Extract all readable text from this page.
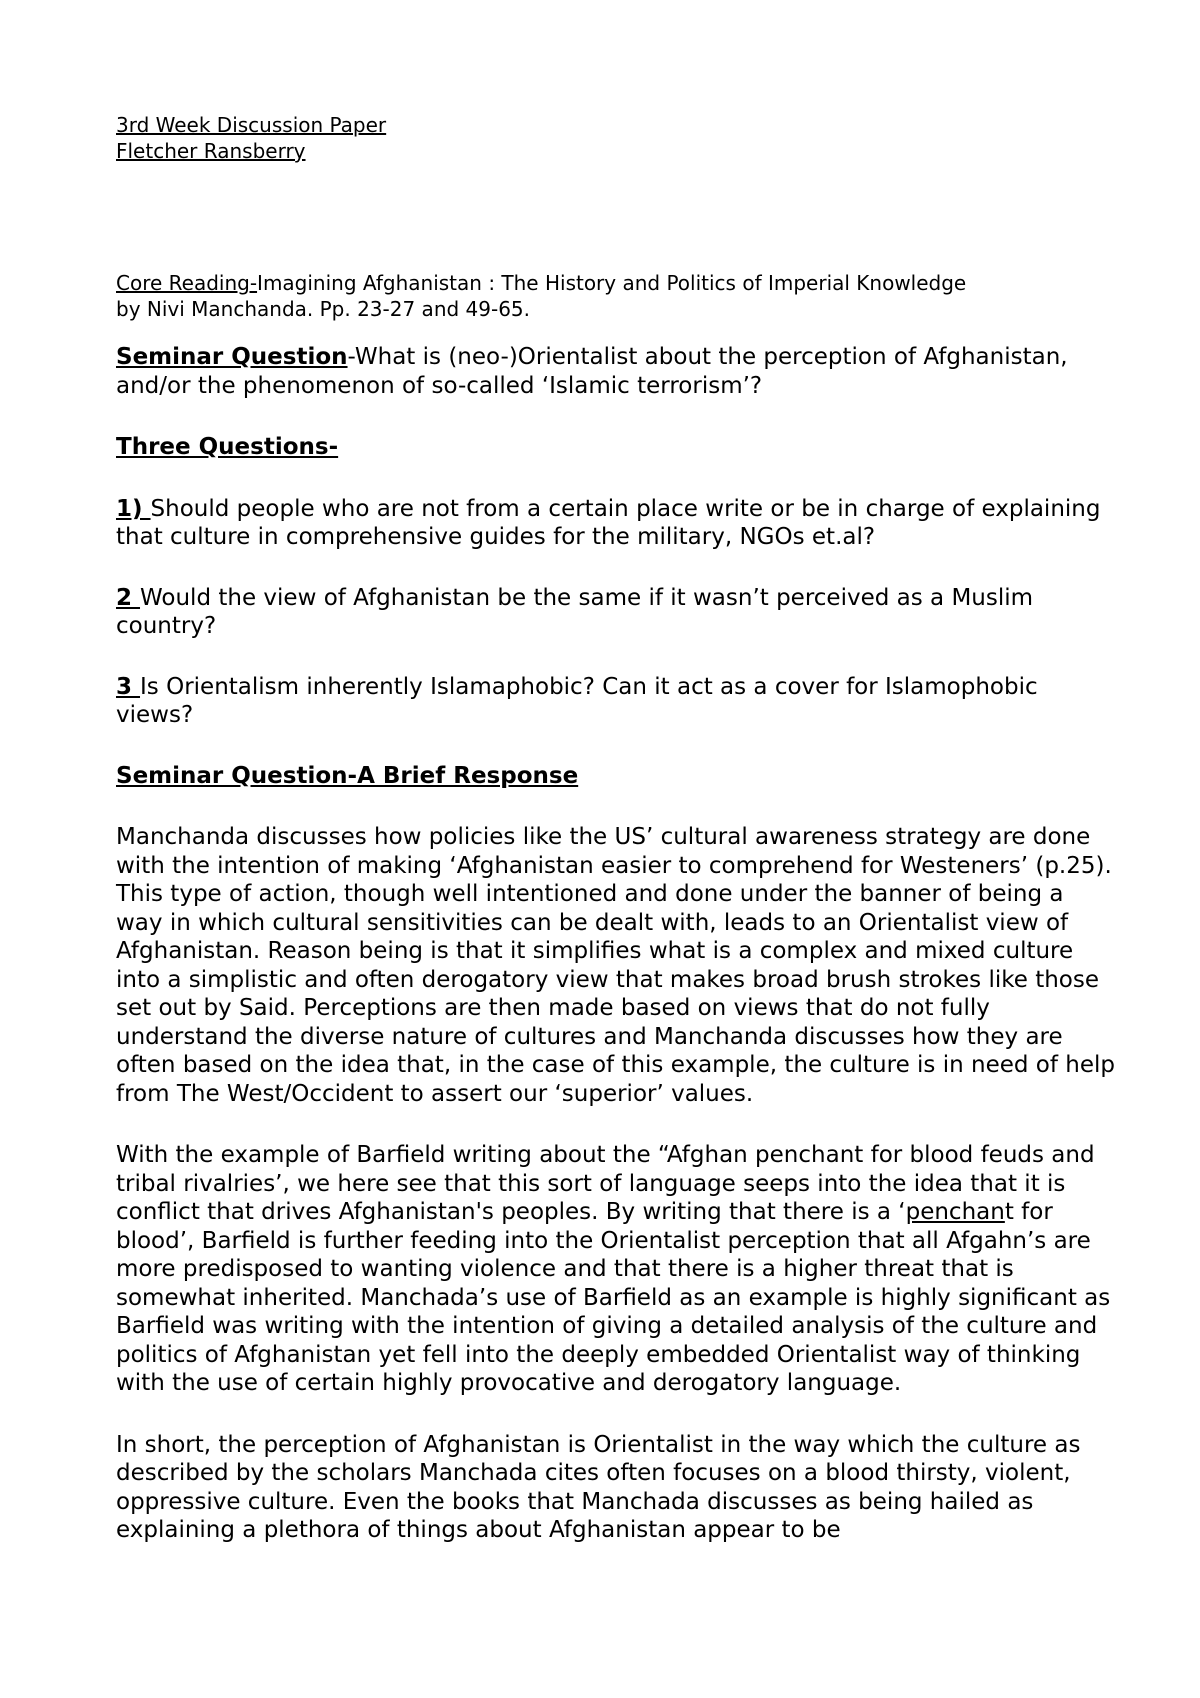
3rd Week Discussion Paper
Fletcher Ransberry
Core Reading-Imagining Afghanistan : The History and Politics of Imperial Knowledge
by Nivi Manchanda. Pp. 23-27 and 49-65.

Seminar Question-What is (neo-)Orientalist about the perception of Afghanistan, and/or the phenomenon of so-called ‘Islamic terrorism’?

Three Questions-

1) Should people who are not from a certain place write or be in charge of explaining that culture in comprehensive guides for the military, NGOs et.al?

2 Would the view of Afghanistan be the same if it wasn’t perceived as a Muslim country?

3 Is Orientalism inherently Islamaphobic? Can it act as a cover for Islamophobic views?

Seminar Question-A Brief Response

Manchanda discusses how policies like the US’ cultural awareness strategy are done with the intention of making ‘Afghanistan easier to comprehend for Westeners’ (p.25). This type of action, though well intentioned and done under the banner of being a way in which cultural sensitivities can be dealt with, leads to an Orientalist view of Afghanistan. Reason being is that it simplifies what is a complex and mixed culture into a simplistic and often derogatory view that makes broad brush strokes like those set out by Said. Perceptions are then made based on views that do not fully understand the diverse nature of cultures and Manchanda discusses how they are often based on the idea that, in the case of this example, the culture is in need of help from The West/Occident to assert our ‘superior’ values.

With the example of Barfield writing about the “Afghan penchant for blood feuds and tribal rivalries’, we here see that this sort of language seeps into the idea that it is conflict that drives Afghanistan's peoples. By writing that there is a ‘penchant for blood’, Barfield is further feeding into the Orientalist perception that all Afgahn’s are more predisposed to wanting violence and that there is a higher threat that is somewhat inherited. Manchada’s use of Barfield as an example is highly significant as Barfield was writing with the intention of giving a detailed analysis of the culture and politics of Afghanistan yet fell into the deeply embedded Orientalist way of thinking with the use of certain highly provocative and derogatory language.

In short, the perception of Afghanistan is Orientalist in the way which the culture as described by the scholars Manchada cites often focuses on a blood thirsty, violent, oppressive culture. Even the books that Manchada discusses as being hailed as explaining a plethora of things about Afghanistan appear to be
